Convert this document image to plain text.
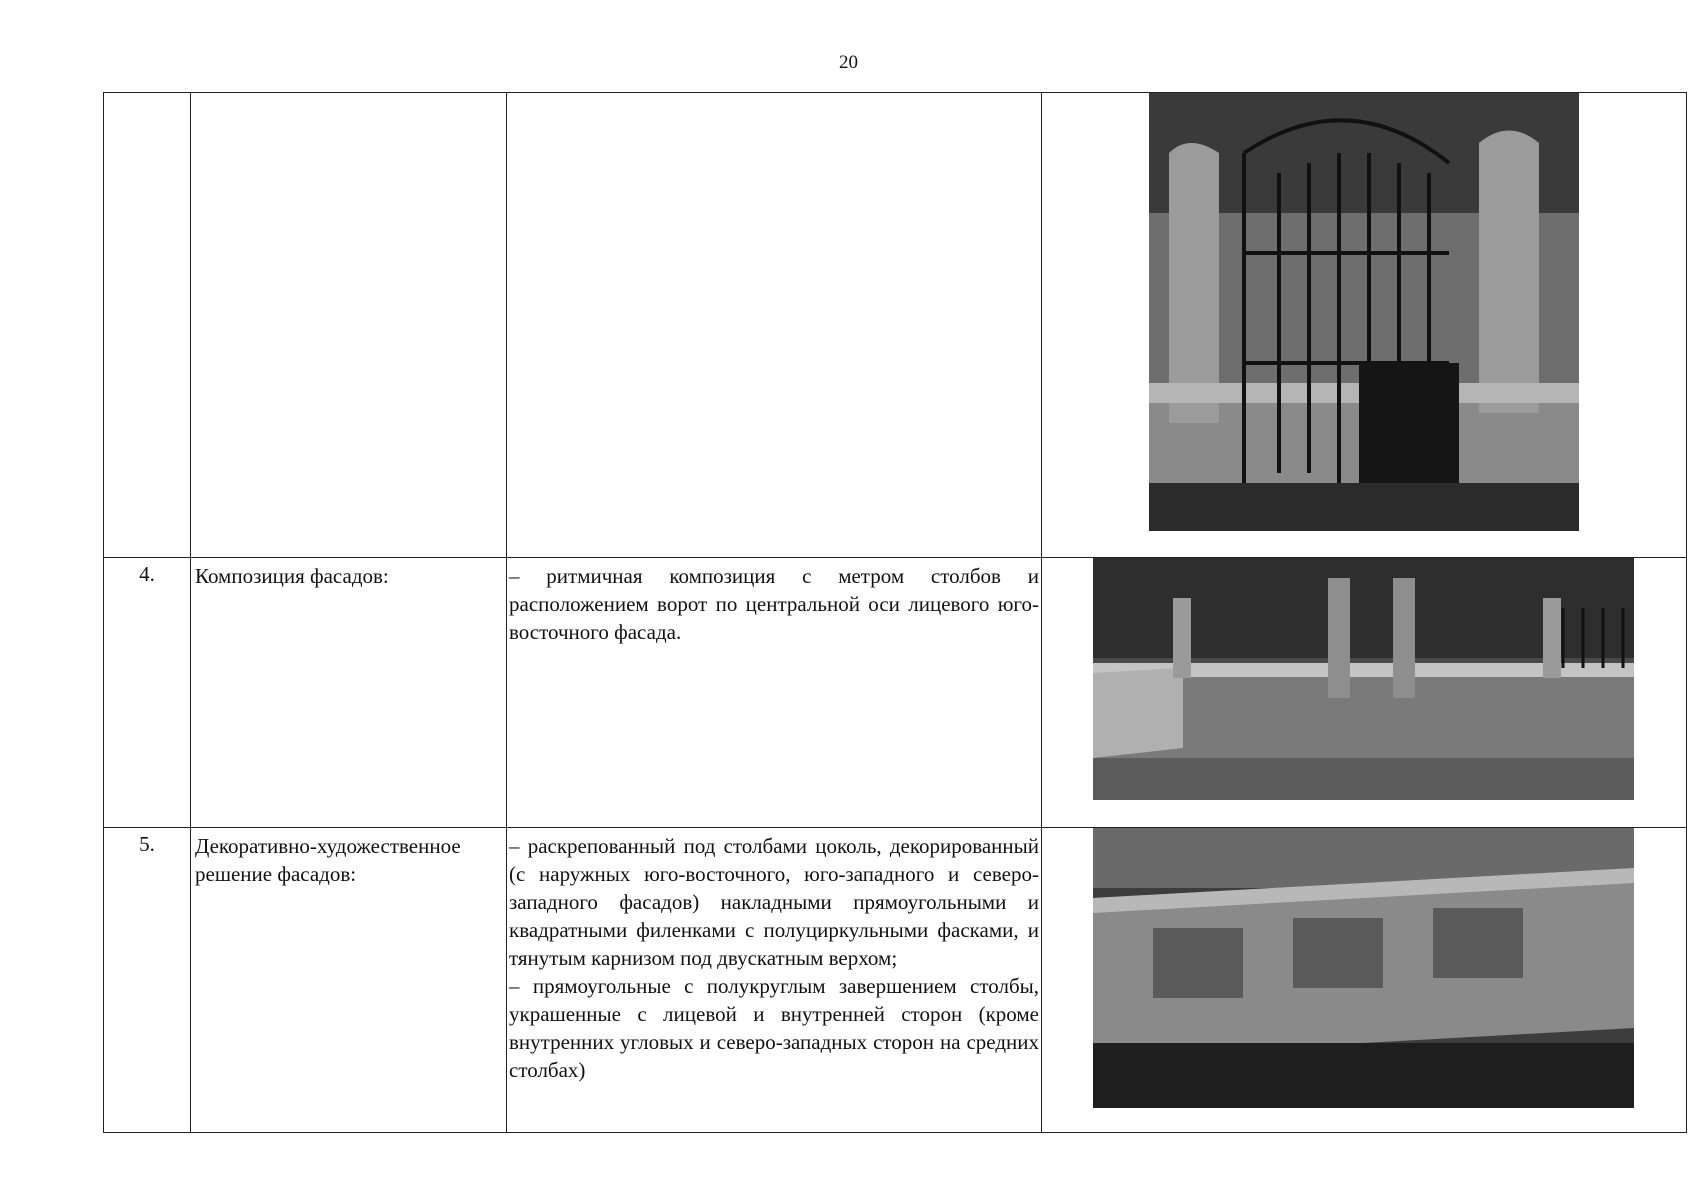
20

4.	Композиция фасадов:	– ритмичная композиция с метром столбов и расположением ворот по центральной оси лицевого юго-восточного фасада.

5.	Декоративно-художественное решение фасадов:	– раскрепованный под столбами цоколь, декорированный (с наружных юго-восточного, юго-западного и северо-западного фасадов) накладными прямоугольными и квадратными филенками с полуциркульными фасками, и тянутым карнизом под двускатным верхом;

– прямоугольные с полукруглым завершением столбы, украшенные с лицевой и внутренней сторон (кроме внутренних угловых и северо-западных сторон на средних столбах)
